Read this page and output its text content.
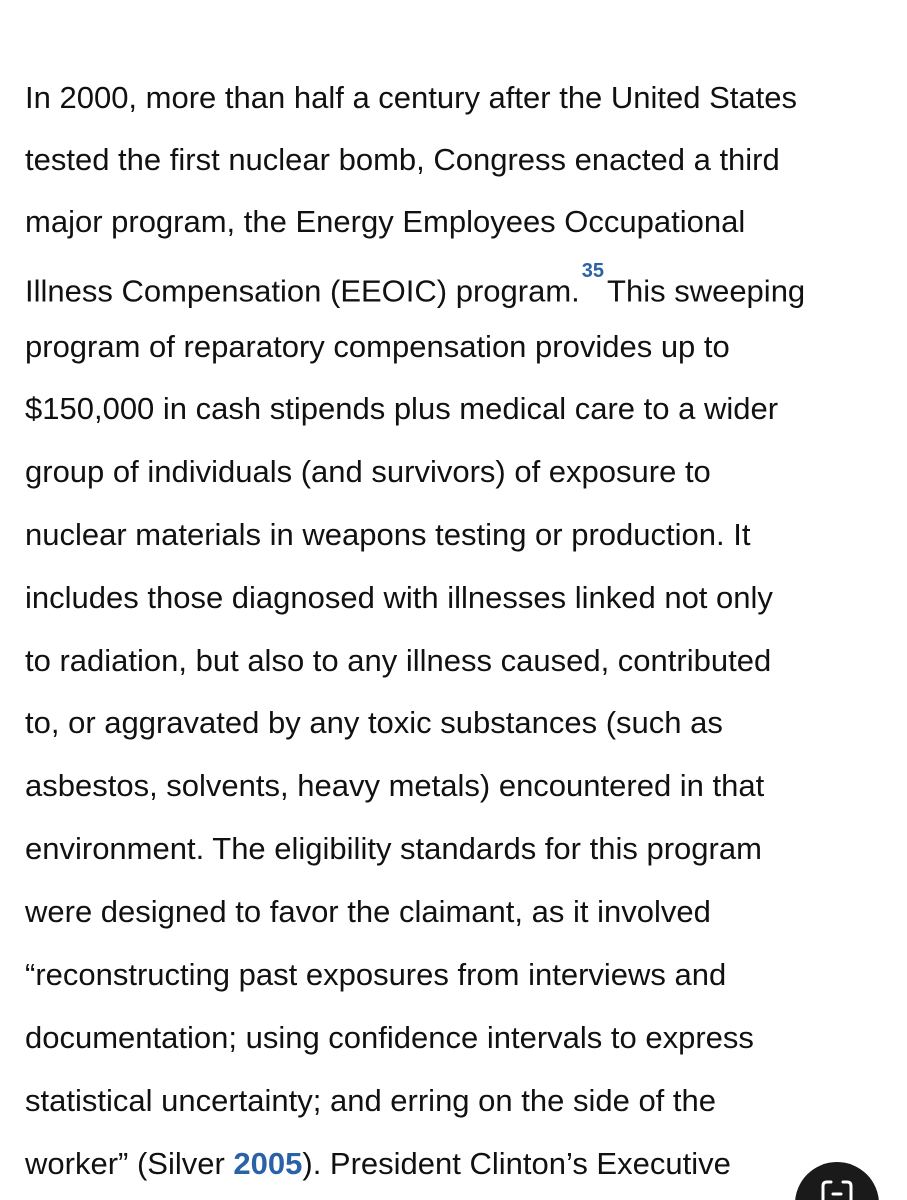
In 2000, more than half a century after the United States
tested the first nuclear bomb, Congress enacted a third
major program, the Energy Employees Occupational
Illness Compensation (EEOIC) program.$^{35}$This sweeping
program of reparatory compensation provides up to
$150,000 in cash stipends plus medical care to a wider
group of individuals (and survivors) of exposure to
nuclear materials in weapons testing or production. It
includes those diagnosed with illnesses linked not only
to radiation, but also to any illness caused, contributed
to, or aggravated by any toxic substances (such as
asbestos, solvents, heavy metals) encountered in that
environment. The eligibility standards for this program
were designed to favor the claimant, as it involved
“reconstructing past exposures from interviews and
documentation; using confidence intervals to express
statistical uncertainty; and erring on the side of the
worker” (Silver 2005). President Clinton’s Executive
